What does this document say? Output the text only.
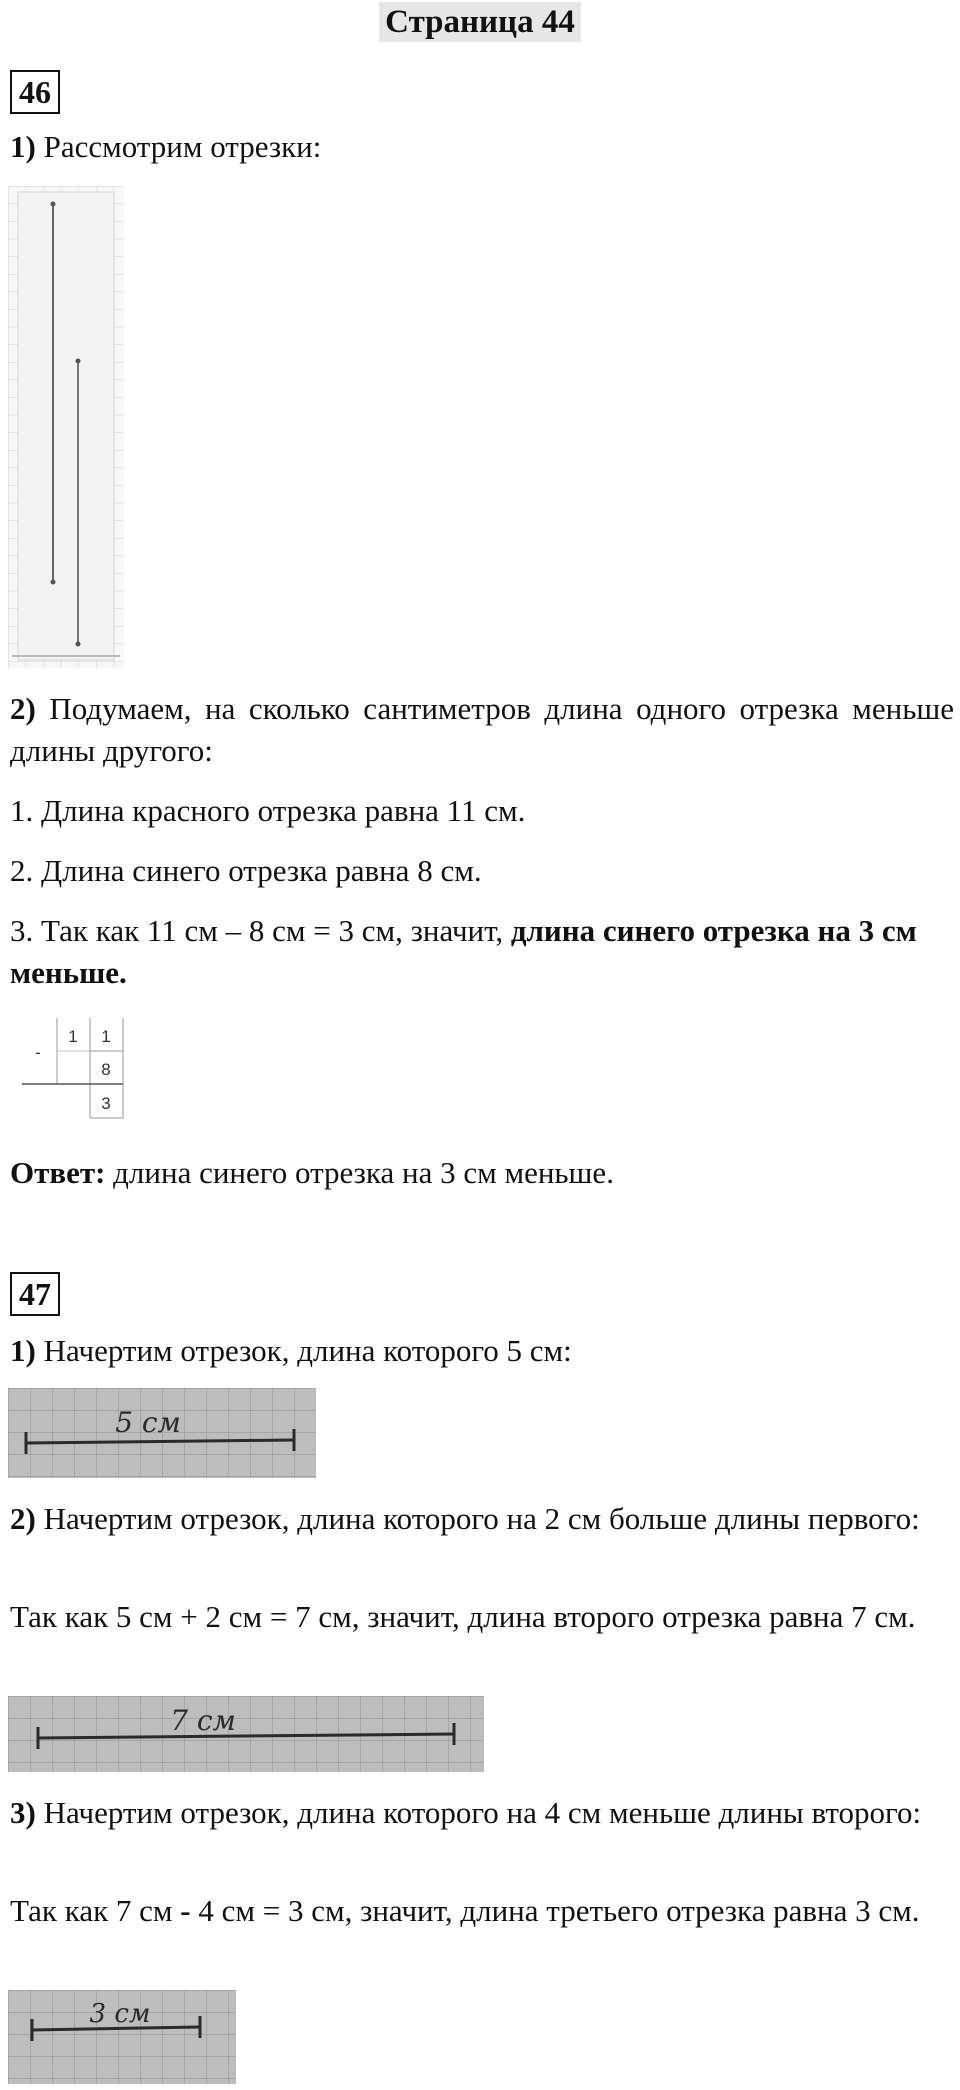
Страница 44
46
1) Рассмотрим отрезки:
2) Подумаем, на сколько сантиметров длина одного отрезка меньше длины другого:
1. Длина красного отрезка равна 11 см.
2. Длина синего отрезка равна 8 см.
3. Так как 11 см – 8 см = 3 см, значит, длина синего отрезка на 3 см меньше.
-
1 1
8
3
Ответ: длина синего отрезка на 3 см меньше.
47
1) Начертим отрезок, длина которого 5 см:
5 см
2) Начертим отрезок, длина которого на 2 см больше длины первого:
Так как 5 см + 2 см = 7 см, значит, длина второго отрезка равна 7 см.
7 см
3) Начертим отрезок, длина которого на 4 см меньше длины второго:
Так как 7 см - 4 см = 3 см, значит, длина третьего отрезка равна 3 см.
3 см
